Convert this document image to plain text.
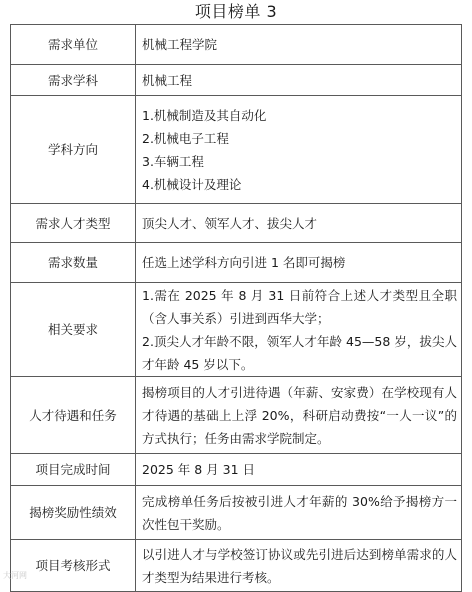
项目榜单 3
需求单位	机械工程学院

需求学科	机械工程

学科方向	1.机械制造及其自动化
2.机械电子工程
3.车辆工程
4.机械设计及理论

需求人才类型	顶尖人才、领军人才、拔尖人才

需求数量	任选上述学科方向引进 1 名即可揭榜

相关要求	1.需在 2025 年 8 月 31 日前符合上述人才类型且全职（含人事关系）引进到西华大学；
2.顶尖人才年龄不限，领军人才年龄 45—58 岁，拔尖人才年龄 45 岁以下。

人才待遇和任务	揭榜项目的人才引进待遇（年薪、安家费）在学校现有人才待遇的基础上上浮 20%，科研启动费按“一人一议”的方式执行；任务由需求学院制定。

项目完成时间	2025 年 8 月 31 日

揭榜奖励性绩效	完成榜单任务后按被引进人才年薪的 30%给予揭榜方一次性包干奖励。

项目考核形式	以引进人才与学校签订协议或先引进后达到榜单需求的人才类型为结果进行考核。
大河网
